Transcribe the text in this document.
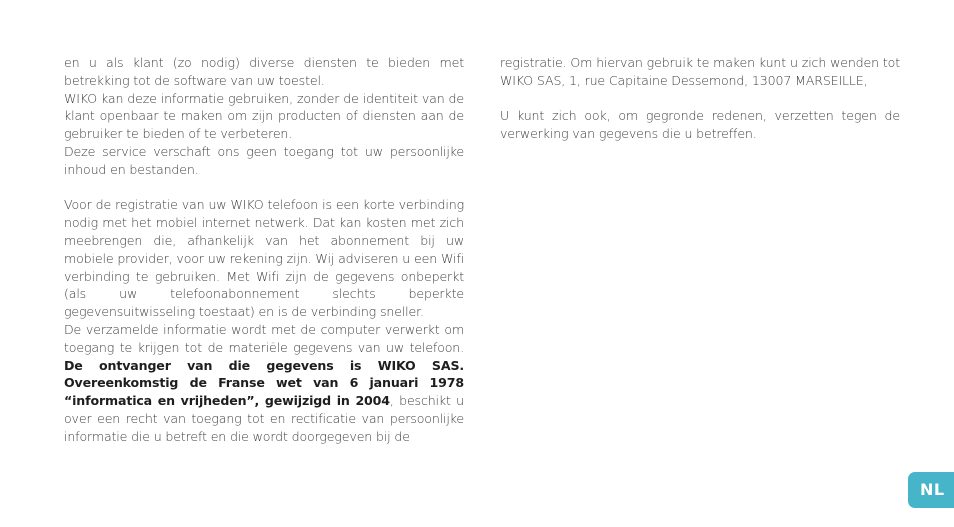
en u als klant (zo nodig) diverse diensten te bieden met betrekking tot de software van uw toestel.

WIKO kan deze informatie gebruiken, zonder de identiteit van de klant openbaar te maken om zijn producten of diensten aan de gebruiker te bieden of te verbeteren.

Deze service verschaft ons geen toegang tot uw persoonlijke inhoud en bestanden.

Voor de registratie van uw WIKO telefoon is een korte verbinding nodig met het mobiel internet netwerk. Dat kan kosten met zich meebrengen die, afhankelijk van het abonnement bij uw mobiele provider, voor uw rekening zijn. Wij adviseren u een Wifi verbinding te gebruiken. Met Wifi zijn de gegevens onbeperkt (als uw telefoonabonnement slechts beperkte gegevensuitwisseling toestaat) en is de verbinding sneller.

De verzamelde informatie wordt met de computer verwerkt om toegang te krijgen tot de materiële gegevens van uw telefoon. De ontvanger van die gegevens is WIKO SAS. Overeenkomstig de Franse wet van 6 januari 1978 “informatica en vrijheden”, gewijzigd in 2004, beschikt u over een recht van toegang tot en rectificatie van persoonlijke informatie die u betreft en die wordt doorgegeven bij de

registratie. Om hiervan gebruik te maken kunt u zich wenden tot WIKO SAS, 1, rue Capitaine Dessemond, 13007 MARSEILLE,

U kunt zich ook, om gegronde redenen, verzetten tegen de verwerking van gegevens die u betreffen.

NL
